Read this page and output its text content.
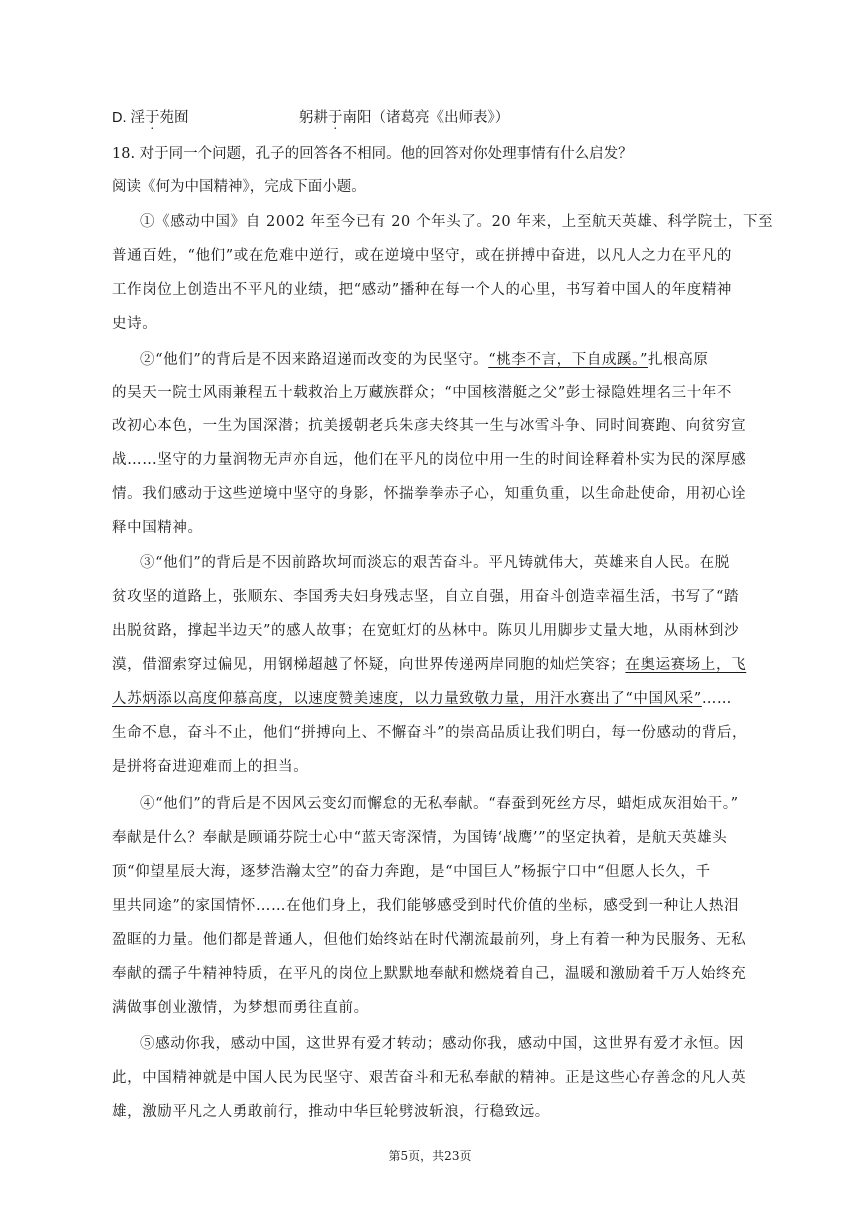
D. 淫于苑囿	躬耕于南阳（诸葛亮《出师表》）
18. 对于同一个问题，孔子的回答各不相同。他的回答对你处理事情有什么启发？
阅读《何为中国精神》，完成下面小题。
①《感动中国》自 2002 年至今已有 20 个年头了。20 年来，上至航天英雄、科学院士，下至
普通百姓，“他们”或在危难中逆行，或在逆境中坚守，或在拼搏中奋进，以凡人之力在平凡的
工作岗位上创造出不平凡的业绩，把“感动”播种在每一个人的心里，书写着中国人的年度精神
史诗。
②“他们”的背后是不因来路迢递而改变的为民坚守。“桃李不言，下自成蹊。”扎根高原
的吴天一院士风雨兼程五十载救治上万藏族群众；“中国核潜艇之父”彭士禄隐姓埋名三十年不
改初心本色，一生为国深潜；抗美援朝老兵朱彦夫终其一生与冰雪斗争、同时间赛跑、向贫穷宣
战……坚守的力量润物无声亦自远，他们在平凡的岗位中用一生的时间诠释着朴实为民的深厚感
情。我们感动于这些逆境中坚守的身影，怀揣拳拳赤子心，知重负重，以生命赴使命，用初心诠
释中国精神。
③“他们”的背后是不因前路坎坷而淡忘的艰苦奋斗。平凡铸就伟大，英雄来自人民。在脱
贫攻坚的道路上，张顺东、李国秀夫妇身残志坚，自立自强，用奋斗创造幸福生活，书写了“踏
出脱贫路，撑起半边天”的感人故事；在宽虹灯的丛林中。陈贝儿用脚步丈量大地，从雨林到沙
漠，借溜索穿过偏见，用钢梯超越了怀疑，向世界传递两岸同胞的灿烂笑容；在奥运赛场上，飞
人苏炳添以高度仰慕高度，以速度赞美速度，以力量致敬力量，用汗水赛出了“中国风采”……
生命不息，奋斗不止，他们“拼搏向上、不懈奋斗”的崇高品质让我们明白，每一份感动的背后，
是拼将奋进迎难而上的担当。
④“他们”的背后是不因风云变幻而懈怠的无私奉献。“春蚕到死丝方尽，蜡炬成灰泪始干。”
奉献是什么？奉献是顾诵芬院士心中“蓝天寄深情，为国铸‘战鹰’”的坚定执着，是航天英雄头
顶“仰望星辰大海，逐梦浩瀚太空”的奋力奔跑，是“中国巨人”杨振宁口中“但愿人长久，千
里共同途”的家国情怀……在他们身上，我们能够感受到时代价值的坐标，感受到一种让人热泪
盈眶的力量。他们都是普通人，但他们始终站在时代潮流最前列，身上有着一种为民服务、无私
奉献的孺子牛精神特质，在平凡的岗位上默默地奉献和燃烧着自己，温暖和激励着千万人始终充
满做事创业激情，为梦想而勇往直前。
⑤感动你我，感动中国，这世界有爱才转动；感动你我，感动中国，这世界有爱才永恒。因
此，中国精神就是中国人民为民坚守、艰苦奋斗和无私奉献的精神。正是这些心存善念的凡人英
雄，激励平凡之人勇敢前行，推动中华巨轮劈波斩浪，行稳致远。
第5页，共23页
